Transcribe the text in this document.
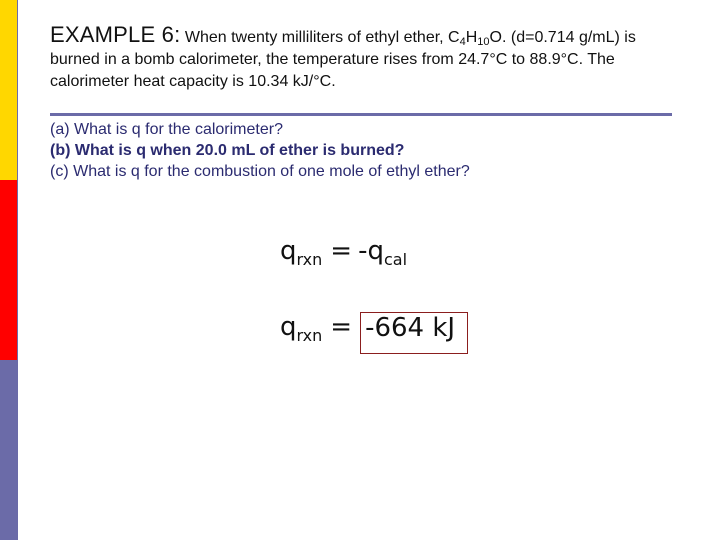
EXAMPLE 6: When twenty milliliters of ethyl ether, $C_4H_{10}O$. (d=0.714 g/mL) is
burned in a bomb calorimeter, the temperature rises from 24.7°C to 88.9°C. The
calorimeter heat capacity is 10.34 kJ/°C.
(a) What is q for the calorimeter?
(b) What is q when 20.0 mL of ether is burned?
(c) What is q for the combustion of one mole of ethyl ether?
$q_{rxn} = -q_{cal}$
$q_{rxn} = -664$ kJ
